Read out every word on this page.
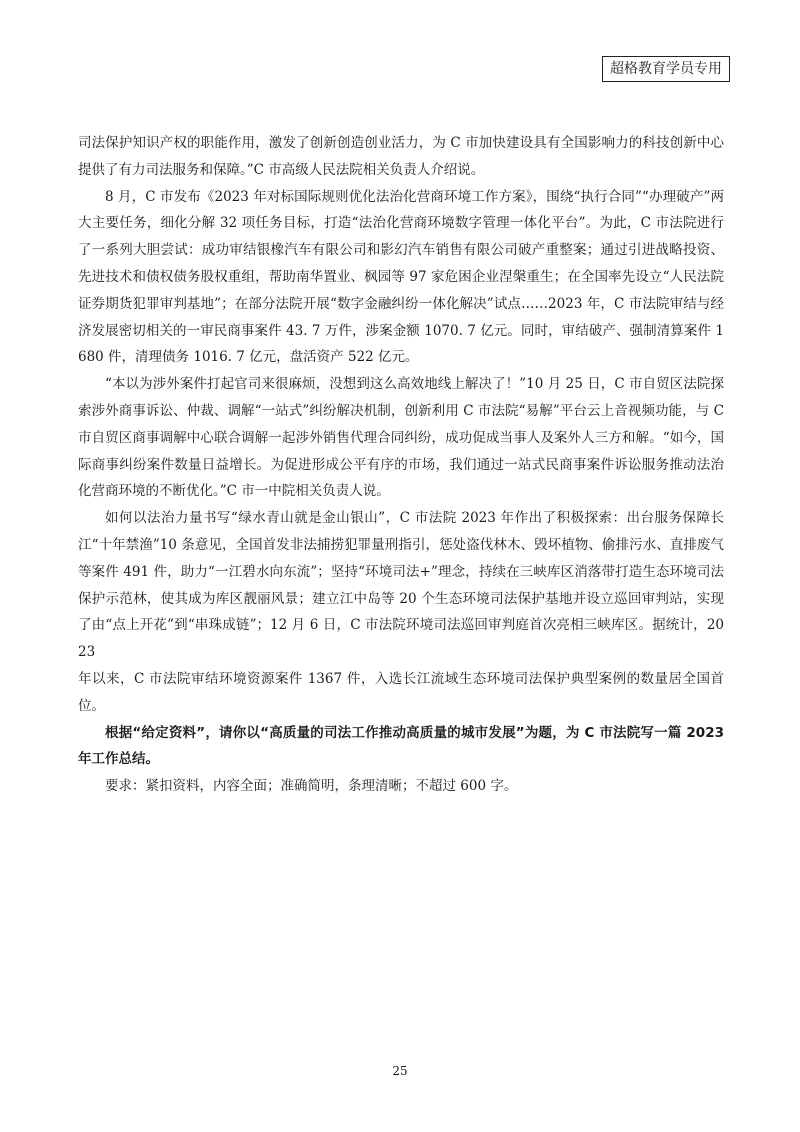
超格教育学员专用

司法保护知识产权的职能作用，激发了创新创造创业活力，为 C 市加快建设具有全国影响力的科技创新中心提供了有力司法服务和保障。”C 市高级人民法院相关负责人介绍说。

8 月，C 市发布《2023 年对标国际规则优化法治化营商环境工作方案》，围绕“执行合同”“办理破产”两大主要任务，细化分解 32 项任务目标，打造“法治化营商环境数字管理一体化平台”。为此，C 市法院进行了一系列大胆尝试：成功审结银橡汽车有限公司和影幻汽车销售有限公司破产重整案；通过引进战略投资、先进技术和债权债务股权重组，帮助南华置业、枫园等 97 家危困企业涅槃重生；在全国率先设立“人民法院证券期货犯罪审判基地”；在部分法院开展“数字金融纠纷一体化解决”试点……2023 年，C 市法院审结与经济发展密切相关的一审民商事案件 43. 7 万件，涉案金额 1070. 7 亿元。同时，审结破产、强制清算案件 1680 件，清理债务 1016. 7 亿元，盘活资产 522 亿元。

“本以为涉外案件打起官司来很麻烦，没想到这么高效地线上解决了！”10 月 25 日，C 市自贸区法院探索涉外商事诉讼、仲裁、调解“一站式”纠纷解决机制，创新利用 C 市法院“易解”平台云上音视频功能，与 C 市自贸区商事调解中心联合调解一起涉外销售代理合同纠纷，成功促成当事人及案外人三方和解。“如今，国际商事纠纷案件数量日益增长。为促进形成公平有序的市场，我们通过一站式民商事案件诉讼服务推动法治化营商环境的不断优化。”C 市一中院相关负责人说。

如何以法治力量书写“绿水青山就是金山银山”，C 市法院 2023 年作出了积极探索：出台服务保障长江“十年禁渔”10 条意见，全国首发非法捕捞犯罪量刑指引，惩处盗伐林木、毁坏植物、偷排污水、直排废气等案件 491 件，助力“一江碧水向东流”；坚持“环境司法+”理念，持续在三峡库区消落带打造生态环境司法保护示范林，使其成为库区靓丽风景；建立江中岛等 20 个生态环境司法保护基地并设立巡回审判站，实现了由“点上开花”到“串珠成链”；12 月 6 日，C 市法院环境司法巡回审判庭首次亮相三峡库区。据统计，2023

年以来，C 市法院审结环境资源案件 1367 件，入选长江流域生态环境司法保护典型案例的数量居全国首位。

根据“给定资料”，请你以“高质量的司法工作推动高质量的城市发展”为题，为 C 市法院写一篇 2023 年工作总结。

要求：紧扣资料，内容全面；准确简明，条理清晰；不超过 600 字。

25
